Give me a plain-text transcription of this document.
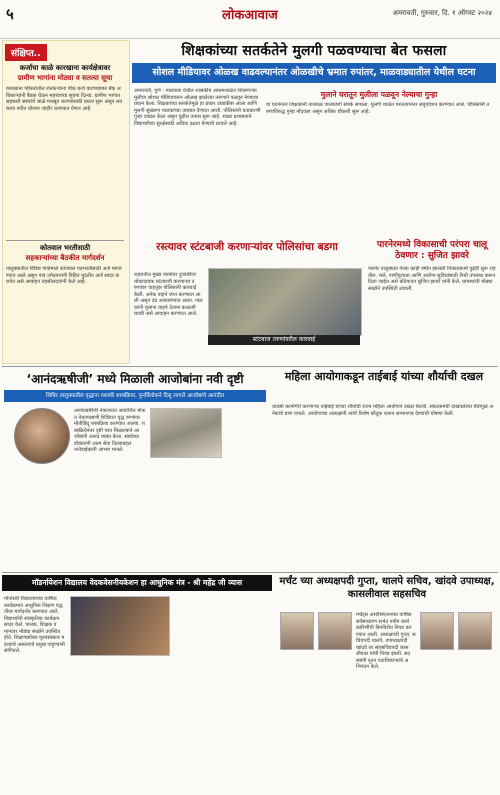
५	लोकआवाज	अमरावती, गुरुवार, दि. १ ऑगस्ट २०२४
संक्षिप्त..
कर्जाचा काळे कारखाना कार्यक्षेत्रावर
ग्रामीण भागांना मोठ्या व सतत्या सूचा
कारखाना परिसरातील शेतकऱ्यांना पीक कर्ज वाटपाबाबत बँक अधिकाऱ्यांनी बैठक घेऊन महत्त्वाच्या सूचना दिल्या. ग्रामीण भागात सहकारी संस्थांचे जाळे मजबूत करण्यासाठी प्रयत्न सुरू असून लवकरच नवीन योजना जाहीर करण्यात येणार आहे.
कोतवाल भरतीसाठी
सहकाऱ्यांच्या बैठकीत मार्गदर्शन
तालुक्यातील विविध गावांमध्ये कोतवाल पदभरतीसाठी अर्ज मागवण्यात आले असून पात्र उमेदवारांनी विहित मुदतीत अर्ज सादर करावेत असे आवाहन तहसीलदारांनी केले आहे.
शिक्षकांच्या सतर्कतेने मुलगी पळवण्याचा बेत फसला
सोशल मीडियावर ओळख वाढवल्यानंतर ओळखीचे भ्रमात रुपांतर, माळवाड्यातील येथील घटना
अमरावती, पुणे : मालवाडा येथील शासकीय आश्रमशाळेत शिकणाऱ्या मुलीचा सोशल मीडियावरून ओळख झालेल्या तरुणाने पळवून नेण्याचा प्रयत्न केला. शिक्षकांच्या सतर्कतेमुळे हा प्रकार उघडकीस आला आणि मुलगी सुखरूप पालकांच्या ताब्यात देण्यात आली. पोलिसांनी याप्रकरणी गुन्हा दाखल केला असून पुढील तपास सुरू आहे. शाळा प्रशासनाने विद्यार्थ्यांच्या सुरक्षेसाठी अधिक दक्षता घेण्याचे ठरवले आहे.
मुलाने घरातून मुलीला पळवून नेल्याचा गुन्हा
या घटनेनंतर शिक्षकांनी तात्काळ पालकांशी संपर्क साधला. मुलगी शाळेत परतल्यानंतर समुपदेशन करण्यात आले. पोलिसांनी तरुणाविरुद्ध गुन्हा नोंदवला असून अधिक चौकशी सुरू आहे.
रस्त्यावर स्टंटबाजी करणाऱ्यांवर पोलिसांचा बडगा
शहरातील मुख्य रस्त्यांवर दुचाकीवर धोकादायक स्टंटबाजी करणाऱ्या तरुणांवर वाहतूक पोलिसांनी कारवाई केली. अनेक वाहने जप्त करण्यात आली असून दंड आकारण्यात आला. पालकांनी मुलांना वाहने देताना काळजी घ्यावी असे आवाहन करण्यात आले.
स्टंटबाज तरुणांवरील कारवाई
पारनेरमध्ये विकासाची परंपरा चालू ठेवणार : सुजित झावरे
पारनेर तालुक्यात गेल्या काही वर्षांत झालेली विकासकामे पुढेही सुरू राहतील. रस्ते, पाणीपुरवठा आणि आरोग्य सुविधांसाठी निधी उपलब्ध करून दिला जाईल असे प्रतिपादन सुजित झावरे यांनी केले. ग्रामस्थांनी मोठ्या संख्येने उपस्थिती लावली.
‘आनंदऋषीजी’ मध्ये मिळाली आजोबांना नवी दृष्टी
शिबिर तालुक्यातील वृद्धाना यशस्वी शस्त्रक्रिया, पुनर्विलोकने दिसू लागले आजोबांचे आनंदीत
आनंदऋषीजी नेत्रालयात आयोजित मोफत नेत्रतपासणी शिबिरात वृद्ध रुग्णांवर मोतीबिंदू शस्त्रक्रिया करण्यात आल्या. शस्त्रक्रियेनंतर दृष्टी परत मिळाल्याने आजोबांनी आनंद व्यक्त केला. संस्थेच्या डॉक्टरांनी उत्तम सेवा दिल्याबद्दल नातेवाईकांनी आभार मानले.
महिला आयोगाकडून ताईबाई यांच्या शौर्याची दखल
धाडसी कामगिरी करणाऱ्या ताईबाई यांच्या शौर्याची राज्य महिला आयोगाने दखल घेतली. संकटसमयी दाखवलेल्या धैर्यामुळे अनेकांचे प्राण वाचले. आयोगाच्या अध्यक्षांनी त्यांचे विशेष कौतुक करून सन्मानपत्र देण्याची घोषणा केली.
मॉडर्नायेशन विद्यालय वेदकवेसनीयकेशन हा आधुनिक मंत्र - श्री महेंद्र जी व्यास
मॉन्टेसरी विद्यालयाच्या वार्षिक कार्यक्रमात आधुनिक शिक्षण पद्धतीवर मार्गदर्शन करण्यात आले. विद्यार्थ्यांनी सांस्कृतिक कार्यक्रम सादर केले. पालक, शिक्षक व मान्यवर मोठ्या संख्येने उपस्थित होते. शिक्षणासोबत मूल्यसंस्कार महत्त्वाचे असल्याचे प्रमुख पाहुण्यांनी सांगितले.
मर्चंट च्या अध्यक्षपदी गुप्ता, धालपे सचिव, खांदवे उपाध्यक्ष, कासलीवाल सहसचिव
मर्चंट्स असोसिएशनच्या वार्षिक सर्वसाधारण सभेत नवीन कार्यकारिणीची बिनविरोध निवड करण्यात आली. अध्यक्षपदी गुप्ता, सचिवपदी धालपे, उपाध्यक्षपदी खांदवे तर सहसचिवपदी कासलीवाल यांची निवड झाली. सदस्यांनी नूतन पदाधिकाऱ्यांचे अभिनंदन केले.
